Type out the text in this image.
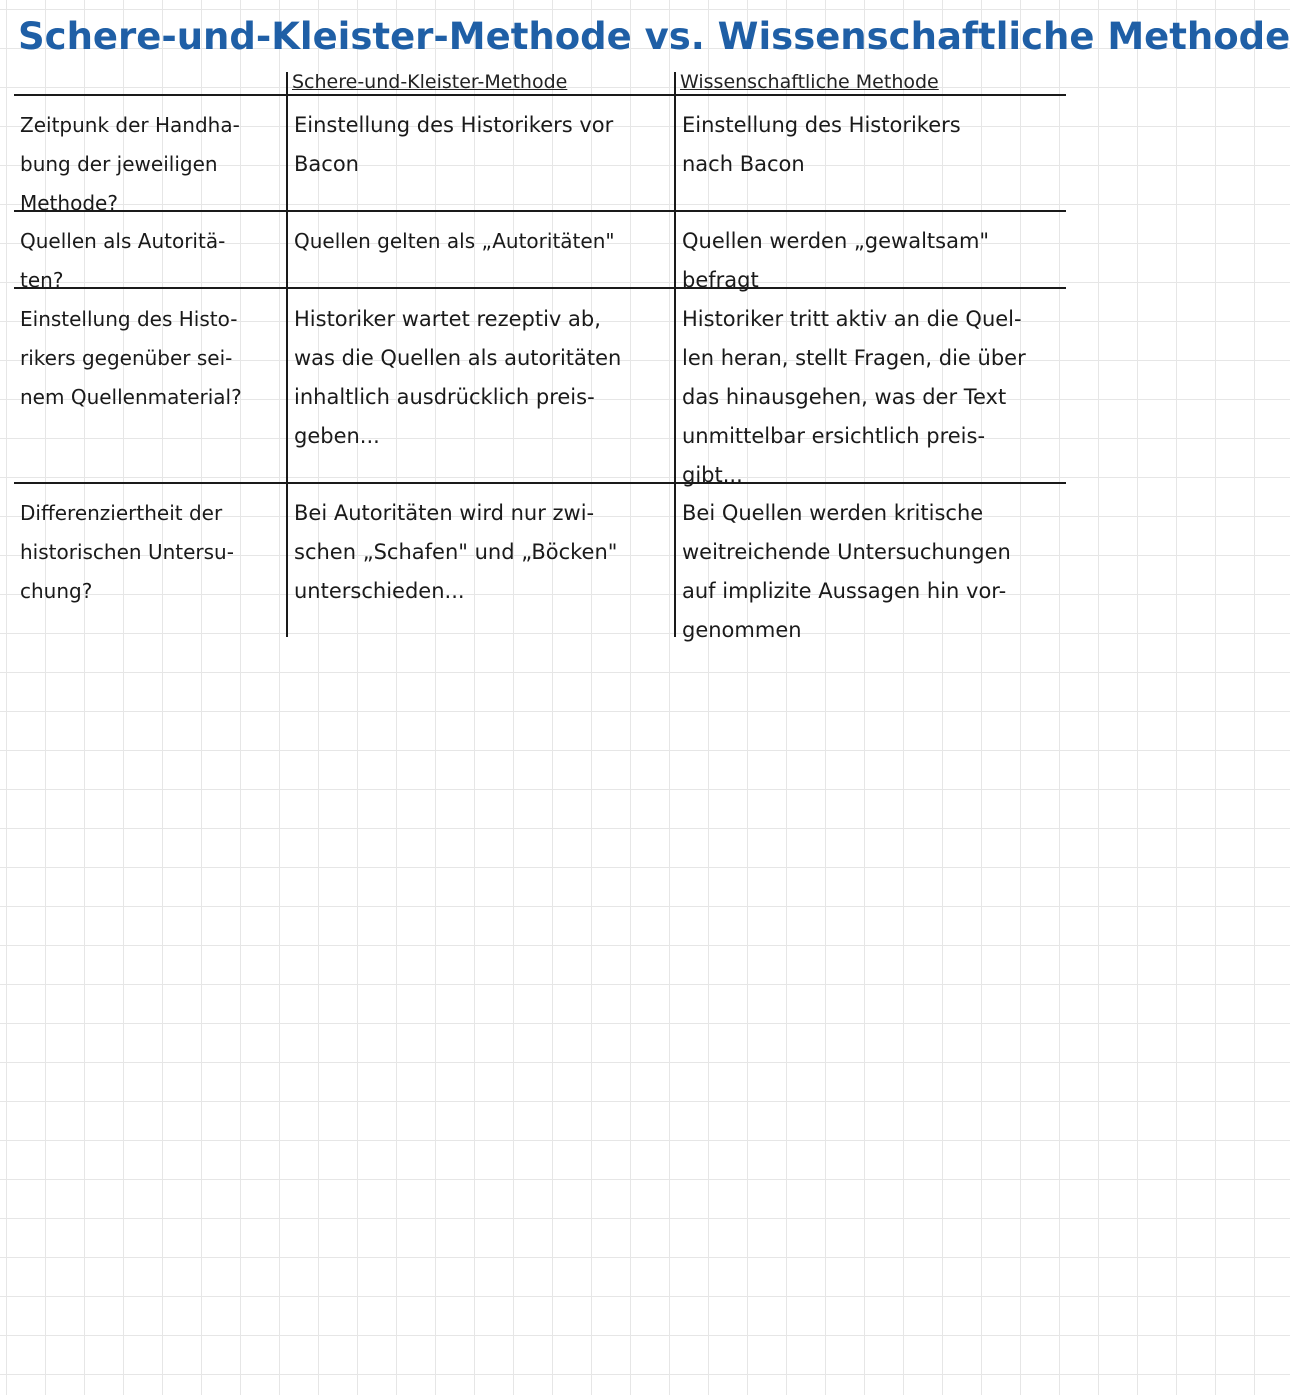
Schere-und-Kleister-Methode vs. Wissenschaftliche Methode
Schere-und-Kleister-Methode	Wissenschaftliche Methode
Zeitpunk der Handha-
bung der jeweiligen
Methode?
Einstellung des Historikers vor
Bacon
Einstellung des Historikers
nach Bacon
Quellen als Autoritä-
ten?
Quellen gelten als „Autoritäten"	Quellen werden „gewaltsam"
befragt
Einstellung des Histo-
rikers gegenüber sei-
nem Quellenmaterial?
Historiker wartet rezeptiv ab,
was die Quellen als autoritäten
inhaltlich ausdrücklich preis-
geben...
Historiker tritt aktiv an die Quel-
len heran, stellt Fragen, die über
das hinausgehen, was der Text
unmittelbar ersichtlich preis-
gibt...
Differenziertheit der
historischen Untersu-
chung?
Bei Autoritäten wird nur zwi-
schen „Schafen" und „Böcken"
unterschieden...
Bei Quellen werden kritische
weitreichende Untersuchungen
auf implizite Aussagen hin vor-
genommen
